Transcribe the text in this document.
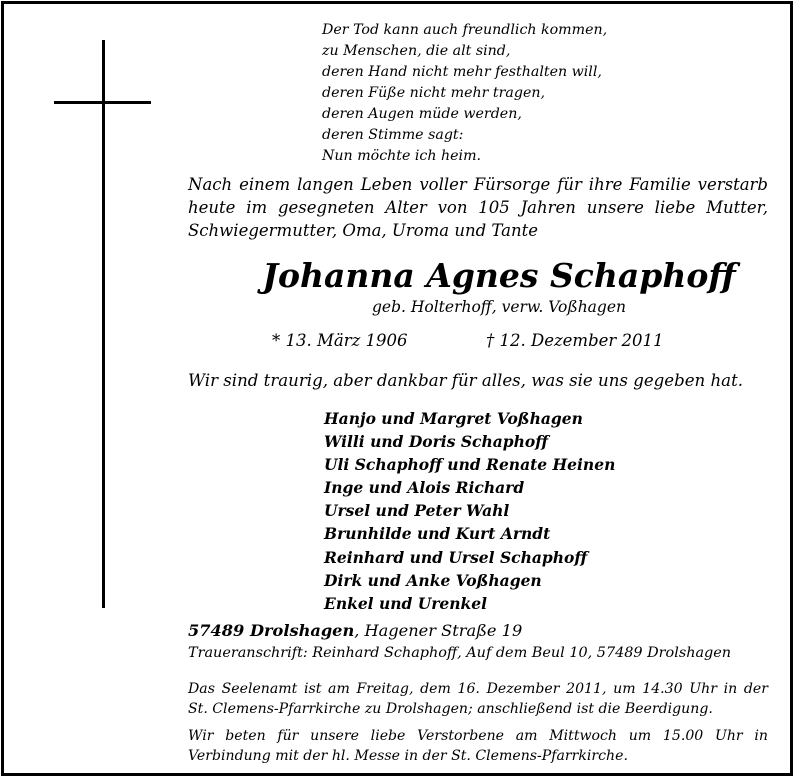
Der Tod kann auch freundlich kommen,
zu Menschen, die alt sind,
deren Hand nicht mehr festhalten will,
deren Füße nicht mehr tragen,
deren Augen müde werden,
deren Stimme sagt:
Nun möchte ich heim.
Nach einem langen Leben voller Fürsorge für ihre Familie verstarb
heute im gesegneten Alter von 105 Jahren unsere liebe Mutter,
Schwiegermutter, Oma, Uroma und Tante
Johanna Agnes Schaphoff
geb. Holterhoff, verw. Voßhagen
* 13. März 1906	† 12. Dezember 2011
Wir sind traurig, aber dankbar für alles, was sie uns gegeben hat.
Hanjo und Margret Voßhagen
Willi und Doris Schaphoff
Uli Schaphoff und Renate Heinen
Inge und Alois Richard
Ursel und Peter Wahl
Brunhilde und Kurt Arndt
Reinhard und Ursel Schaphoff
Dirk und Anke Voßhagen
Enkel und Urenkel
57489 Drolshagen, Hagener Straße 19
Traueranschrift: Reinhard Schaphoff, Auf dem Beul 10, 57489 Drolshagen
Das Seelenamt ist am Freitag, dem 16. Dezember 2011, um 14.30 Uhr in der
St. Clemens-Pfarrkirche zu Drolshagen; anschließend ist die Beerdigung.
Wir beten für unsere liebe Verstorbene am Mittwoch um 15.00 Uhr in
Verbindung mit der hl. Messe in der St. Clemens-Pfarrkirche.
